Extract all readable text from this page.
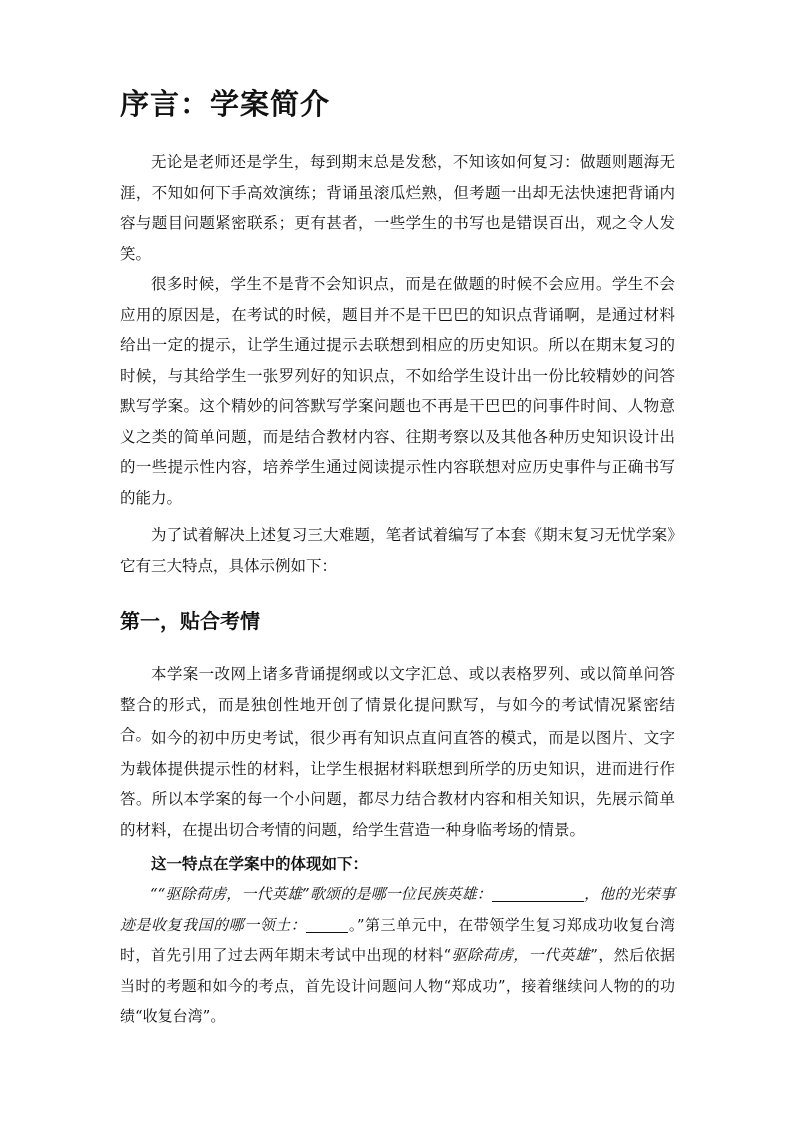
序言：学案简介

无论是老师还是学生，每到期末总是发愁，不知该如何复习：做题则题海无涯，不知如何下手高效演练；背诵虽滚瓜烂熟，但考题一出却无法快速把背诵内容与题目问题紧密联系；更有甚者，一些学生的书写也是错误百出，观之令人发笑。

很多时候，学生不是背不会知识点，而是在做题的时候不会应用。学生不会应用的原因是，在考试的时候，题目并不是干巴巴的知识点背诵啊，是通过材料给出一定的提示，让学生通过提示去联想到相应的历史知识。所以在期末复习的时候，与其给学生一张罗列好的知识点，不如给学生设计出一份比较精妙的问答默写学案。这个精妙的问答默写学案问题也不再是干巴巴的问事件时间、人物意义之类的简单问题，而是结合教材内容、往期考察以及其他各种历史知识设计出的一些提示性内容，培养学生通过阅读提示性内容联想对应历史事件与正确书写的能力。

为了试着解决上述复习三大难题，笔者试着编写了本套《期末复习无忧学案》它有三大特点，具体示例如下：

第一，贴合考情

本学案一改网上诸多背诵提纲或以文字汇总、或以表格罗列、或以简单问答整合的形式，而是独创性地开创了情景化提问默写，与如今的考试情况紧密结合。 如今的初中历史考试，很少再有知识点直问直答的模式，而是以图片、文字为载体提供提示性的材料，让学生根据材料联想到所学的历史知识，进而进行作答。所以本学案的每一个小问题，都尽力结合教材内容和相关知识，先展示简单的材料，在提出切合考情的问题，给学生营造一种身临考场的情景。

这一特点在学案中的体现如下：

““驱除荷虏，一代英雄”歌颂的是哪一位民族英雄：	，他的光荣事迹是收复我国的哪一领土：	。”第三单元中，在带领学生复习郑成功收复台湾时，首先引用了过去两年期末考试中出现的材料“驱除荷虏，一代英雄”，然后依据当时的考题和如今的考点，首先设计问题问人物“郑成功”，接着继续问人物的的功绩“收复台湾”。
